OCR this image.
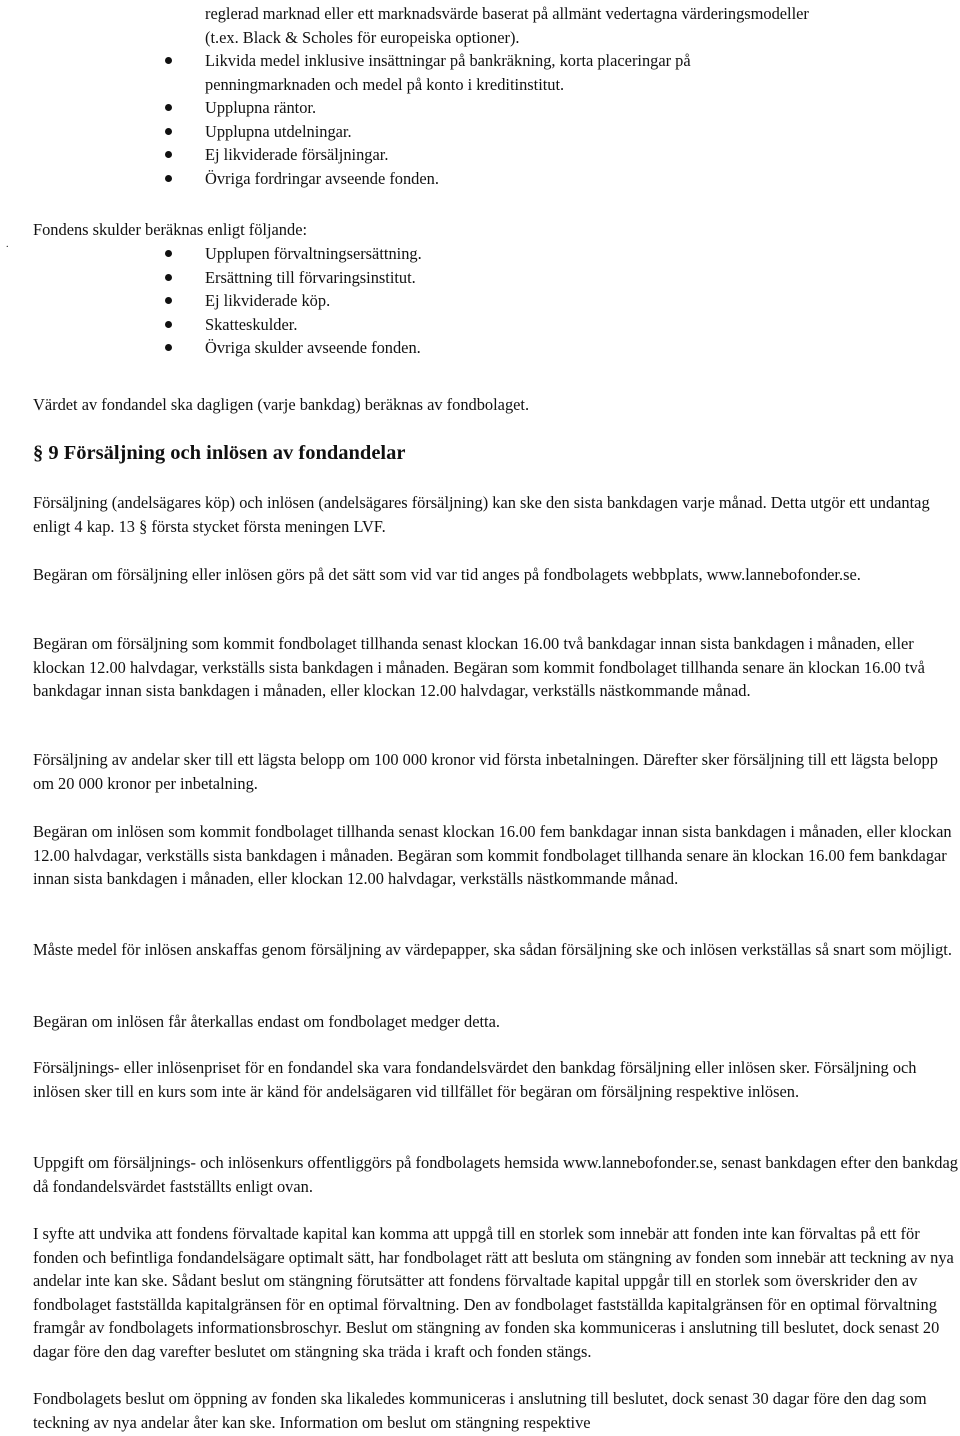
reglerad marknad eller ett marknadsvärde baserat på allmänt vedertagna värderingsmodeller
(t.ex. Black & Scholes för europeiska optioner).
Likvida medel inklusive insättningar på bankräkning, korta placeringar på
penningmarknaden och medel på konto i kreditinstitut.
Upplupna räntor.
Upplupna utdelningar.
Ej likviderade försäljningar.
Övriga fordringar avseende fonden.
.
Fondens skulder beräknas enligt följande:
Upplupen förvaltningsersättning.
Ersättning till förvaringsinstitut.
Ej likviderade köp.
Skatteskulder.
Övriga skulder avseende fonden.
Värdet av fondandel ska dagligen (varje bankdag) beräknas av fondbolaget.
§ 9 Försäljning och inlösen av fondandelar

Försäljning (andelsägares köp) och inlösen (andelsägares försäljning) kan ske den sista bankdagen varje månad. Detta utgör ett undantag enligt 4 kap. 13 § första stycket första meningen LVF.

Begäran om försäljning eller inlösen görs på det sätt som vid var tid anges på fondbolagets webbplats, www.lannebofonder.se.

Begäran om försäljning som kommit fondbolaget tillhanda senast klockan 16.00 två bankdagar innan sista bankdagen i månaden, eller klockan 12.00 halvdagar, verkställs sista bankdagen i månaden. Begäran som kommit fondbolaget tillhanda senare än klockan 16.00 två bankdagar innan sista bankdagen i månaden, eller klockan 12.00 halvdagar, verkställs nästkommande månad.

Försäljning av andelar sker till ett lägsta belopp om 100 000 kronor vid första inbetalningen. Därefter sker försäljning till ett lägsta belopp om 20 000 kronor per inbetalning.

Begäran om inlösen som kommit fondbolaget tillhanda senast klockan 16.00 fem bankdagar innan sista bankdagen i månaden, eller klockan 12.00 halvdagar, verkställs sista bankdagen i månaden. Begäran som kommit fondbolaget tillhanda senare än klockan 16.00 fem bankdagar innan sista bankdagen i månaden, eller klockan 12.00 halvdagar, verkställs nästkommande månad.

Måste medel för inlösen anskaffas genom försäljning av värdepapper, ska sådan försäljning ske och inlösen verkställas så snart som möjligt.

Begäran om inlösen får återkallas endast om fondbolaget medger detta.

Försäljnings- eller inlösenpriset för en fondandel ska vara fondandelsvärdet den bankdag försäljning eller inlösen sker. Försäljning och inlösen sker till en kurs som inte är känd för andelsägaren vid tillfället för begäran om försäljning respektive inlösen.

Uppgift om försäljnings- och inlösenkurs offentliggörs på fondbolagets hemsida www.lannebofonder.se, senast bankdagen efter den bankdag då fondandelsvärdet fastställts enligt ovan.

I syfte att undvika att fondens förvaltade kapital kan komma att uppgå till en storlek som innebär att fonden inte kan förvaltas på ett för fonden och befintliga fondandelsägare optimalt sätt, har fondbolaget rätt att besluta om stängning av fonden som innebär att teckning av nya andelar inte kan ske. Sådant beslut om stängning förutsätter att fondens förvaltade kapital uppgår till en storlek som överskrider den av fondbolaget fastställda kapitalgränsen för en optimal förvaltning. Den av fondbolaget fastställda kapitalgränsen för en optimal förvaltning framgår av fondbolagets informationsbroschyr. Beslut om stängning av fonden ska kommuniceras i anslutning till beslutet, dock senast 20 dagar före den dag varefter beslutet om stängning ska träda i kraft och fonden stängs.

Fondbolagets beslut om öppning av fonden ska likaledes kommuniceras i anslutning till beslutet, dock senast 30 dagar före den dag som teckning av nya andelar åter kan ske. Information om beslut om stängning respektive
